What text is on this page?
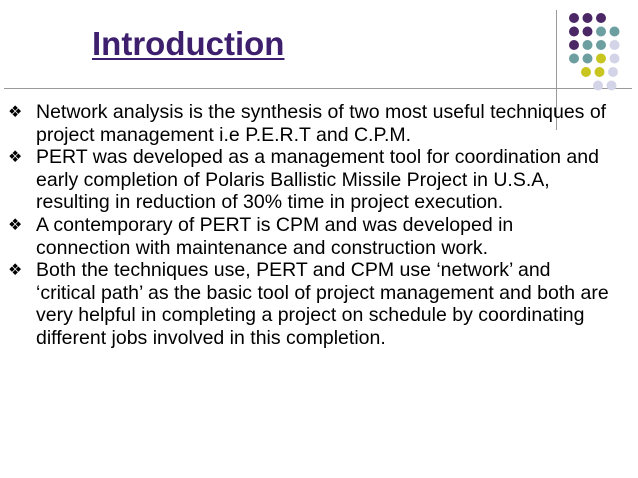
Introduction
❖ Network analysis is the synthesis of two most useful techniques of project management i.e P.E.R.T and C.P.M.
❖ PERT was developed as a management tool for coordination and early completion of Polaris Ballistic Missile Project in U.S.A, resulting in reduction of 30% time in project execution.
❖ A contemporary of PERT is CPM and was developed in connection with maintenance and construction work.
❖ Both the techniques use, PERT and CPM use ‘network’ and ‘critical path’ as the basic tool of project management and both are very helpful in completing a project on schedule by coordinating different jobs involved in this completion.
